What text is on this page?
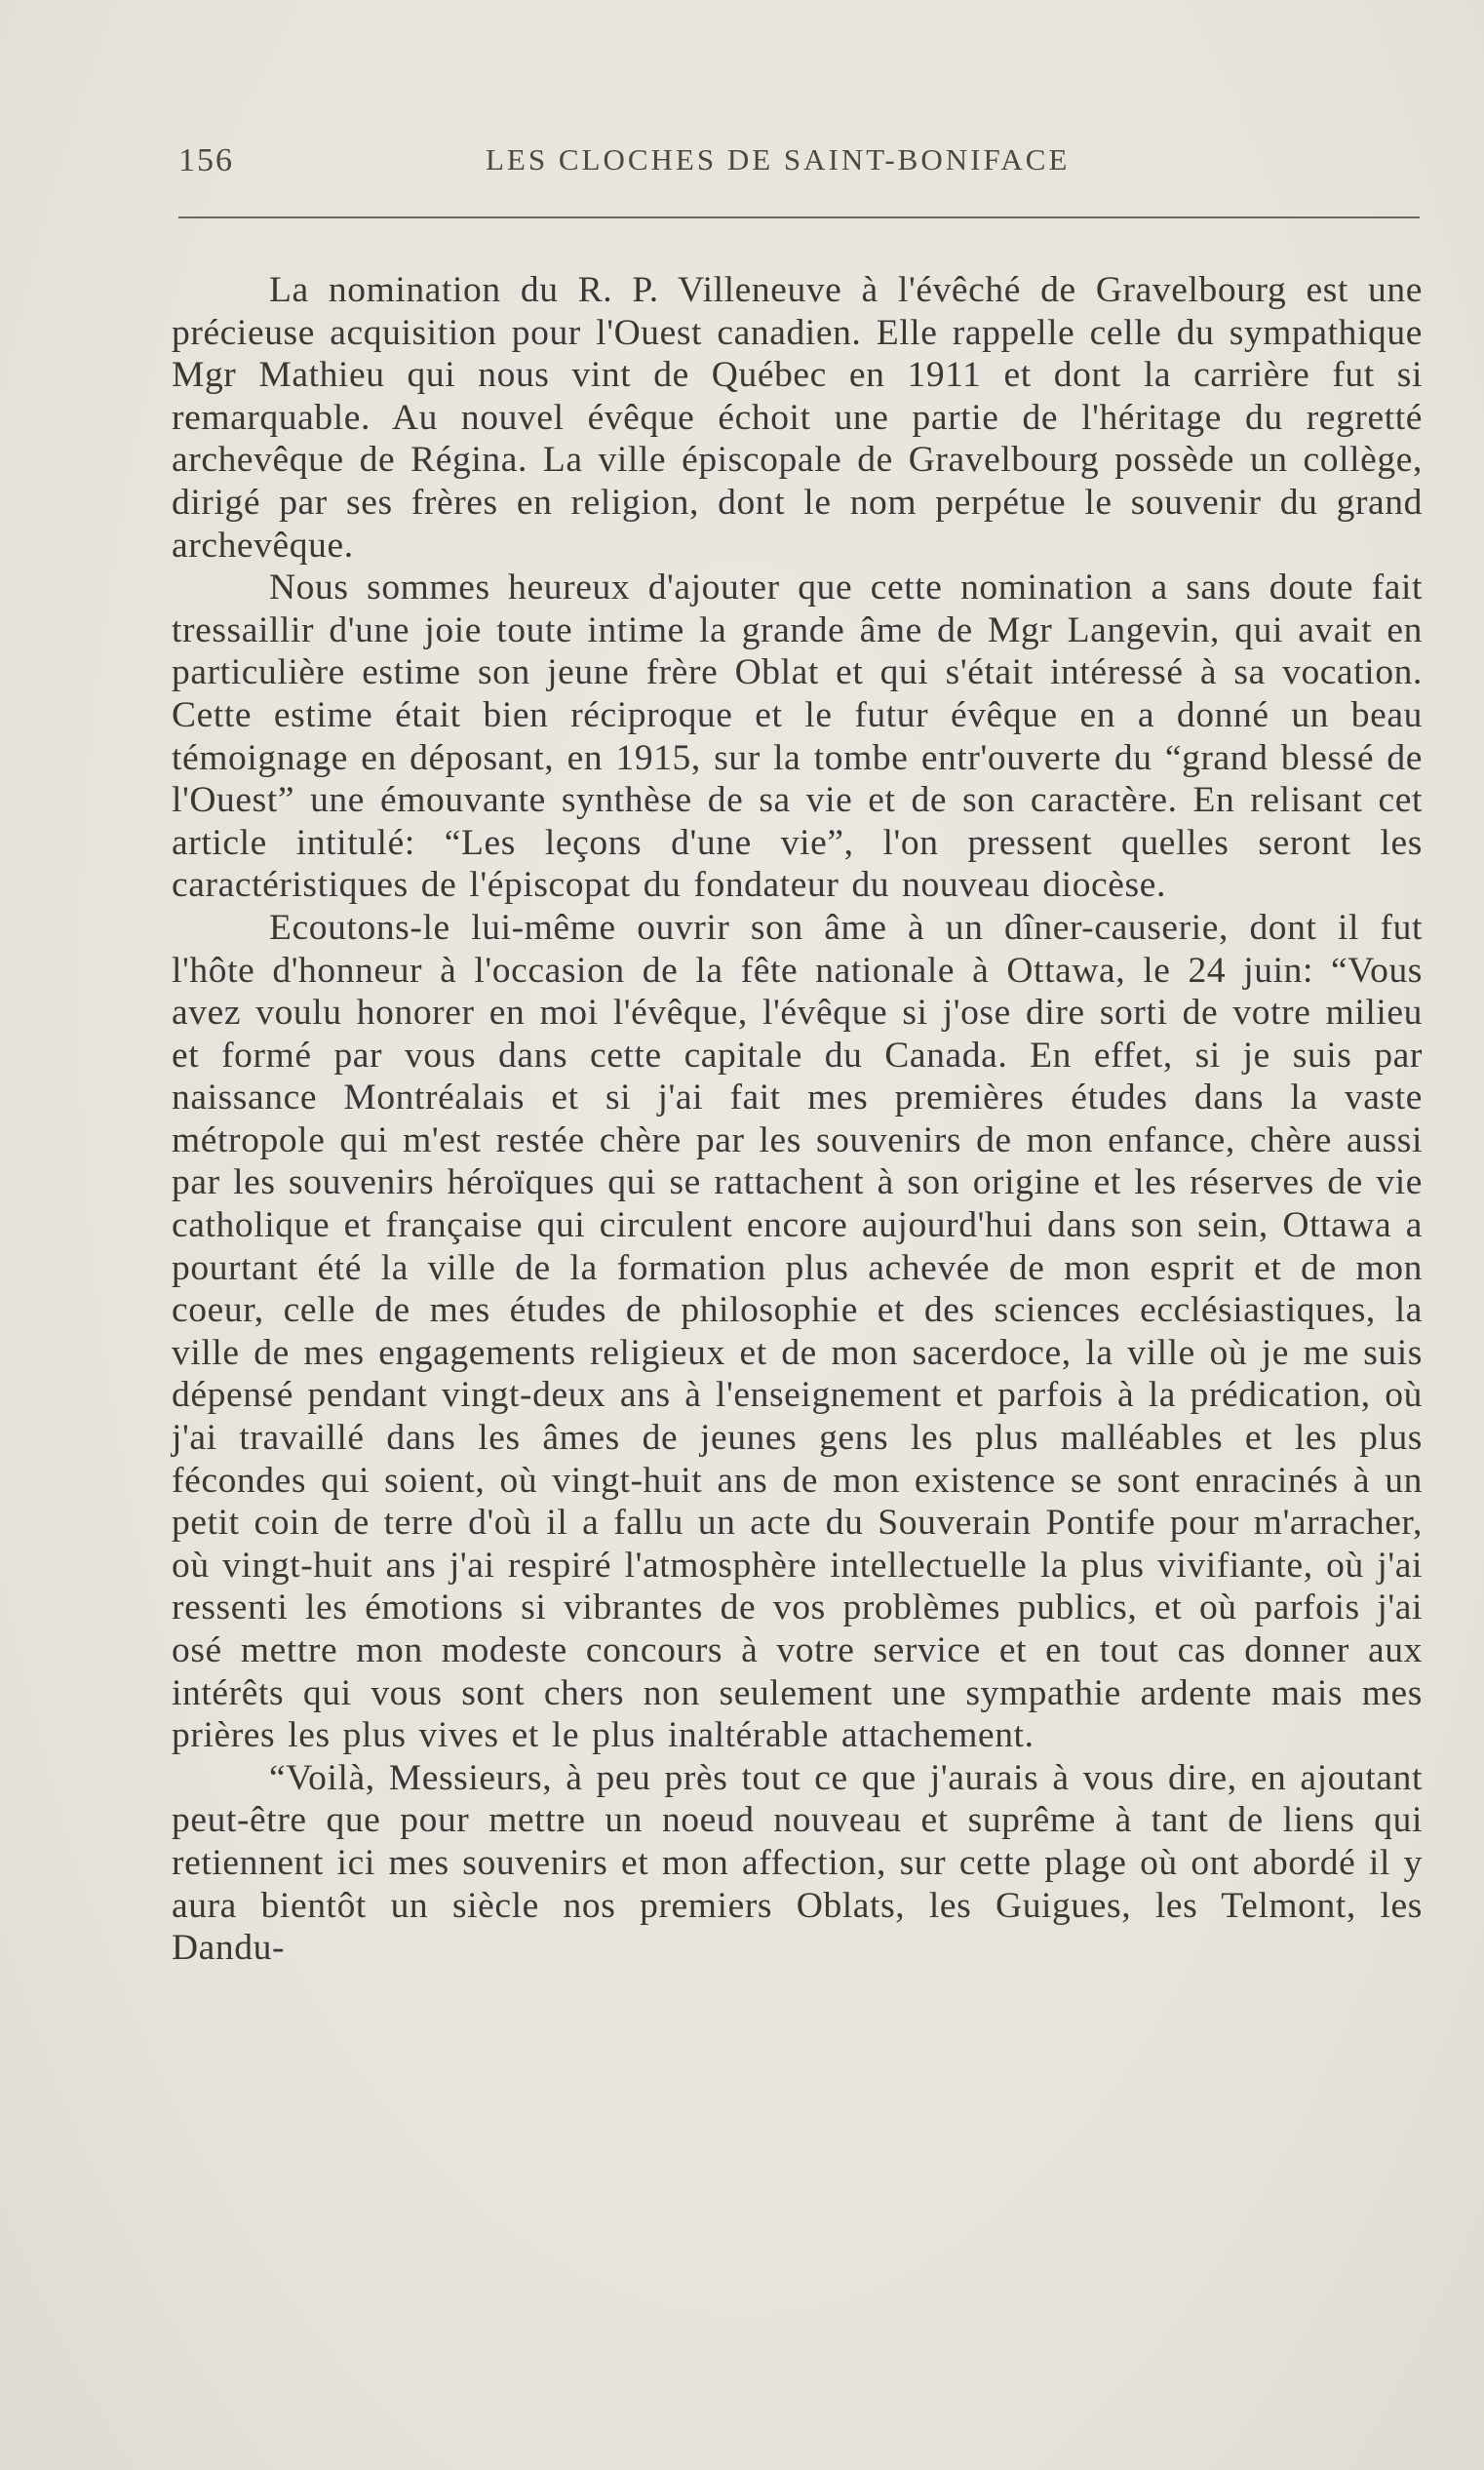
156	LES CLOCHES DE SAINT-BONIFACE

La nomination du R. P. Villeneuve à l'évêché de Gravelbourg est une précieuse acquisition pour l'Ouest canadien. Elle rappelle celle du sympathique Mgr Mathieu qui nous vint de Québec en 1911 et dont la carrière fut si remarquable. Au nouvel évêque échoit une partie de l'héritage du regretté archevêque de Régina. La ville épiscopale de Gravelbourg possède un collège, dirigé par ses frères en religion, dont le nom perpétue le souvenir du grand archevêque.

Nous sommes heureux d'ajouter que cette nomination a sans doute fait tressaillir d'une joie toute intime la grande âme de Mgr Langevin, qui avait en particulière estime son jeune frère Oblat et qui s'était intéressé à sa vocation. Cette estime était bien réciproque et le futur évêque en a donné un beau témoignage en déposant, en 1915, sur la tombe entr'ouverte du “grand blessé de l'Ouest” une émouvante synthèse de sa vie et de son caractère. En relisant cet article intitulé: “Les leçons d'une vie”, l'on pressent quelles seront les caractéristiques de l'épiscopat du fondateur du nouveau diocèse.

Ecoutons-le lui-même ouvrir son âme à un dîner-causerie, dont il fut l'hôte d'honneur à l'occasion de la fête nationale à Ottawa, le 24 juin: “Vous avez voulu honorer en moi l'évêque, l'évêque si j'ose dire sorti de votre milieu et formé par vous dans cette capitale du Canada. En effet, si je suis par naissance Montréalais et si j'ai fait mes premières études dans la vaste métropole qui m'est restée chère par les souvenirs de mon enfance, chère aussi par les souvenirs héroïques qui se rattachent à son origine et les réserves de vie catholique et française qui circulent encore aujourd'hui dans son sein, Ottawa a pourtant été la ville de la formation plus achevée de mon esprit et de mon coeur, celle de mes études de philosophie et des sciences ecclésiastiques, la ville de mes engagements religieux et de mon sacerdoce, la ville où je me suis dépensé pendant vingt-deux ans à l'enseignement et parfois à la prédication, où j'ai travaillé dans les âmes de jeunes gens les plus malléables et les plus fécondes qui soient, où vingt-huit ans de mon existence se sont enracinés à un petit coin de terre d'où il a fallu un acte du Souverain Pontife pour m'arracher, où vingt-huit ans j'ai respiré l'atmosphère intellectuelle la plus vivifiante, où j'ai ressenti les émotions si vibrantes de vos problèmes publics, et où parfois j'ai osé mettre mon modeste concours à votre service et en tout cas donner aux intérêts qui vous sont chers non seulement une sympathie ardente mais mes prières les plus vives et le plus inaltérable attachement.

“Voilà, Messieurs, à peu près tout ce que j'aurais à vous dire, en ajoutant peut-être que pour mettre un noeud nouveau et suprême à tant de liens qui retiennent ici mes souvenirs et mon affection, sur cette plage où ont abordé il y aura bientôt un siècle nos premiers Oblats, les Guigues, les Telmont, les Dandu-
